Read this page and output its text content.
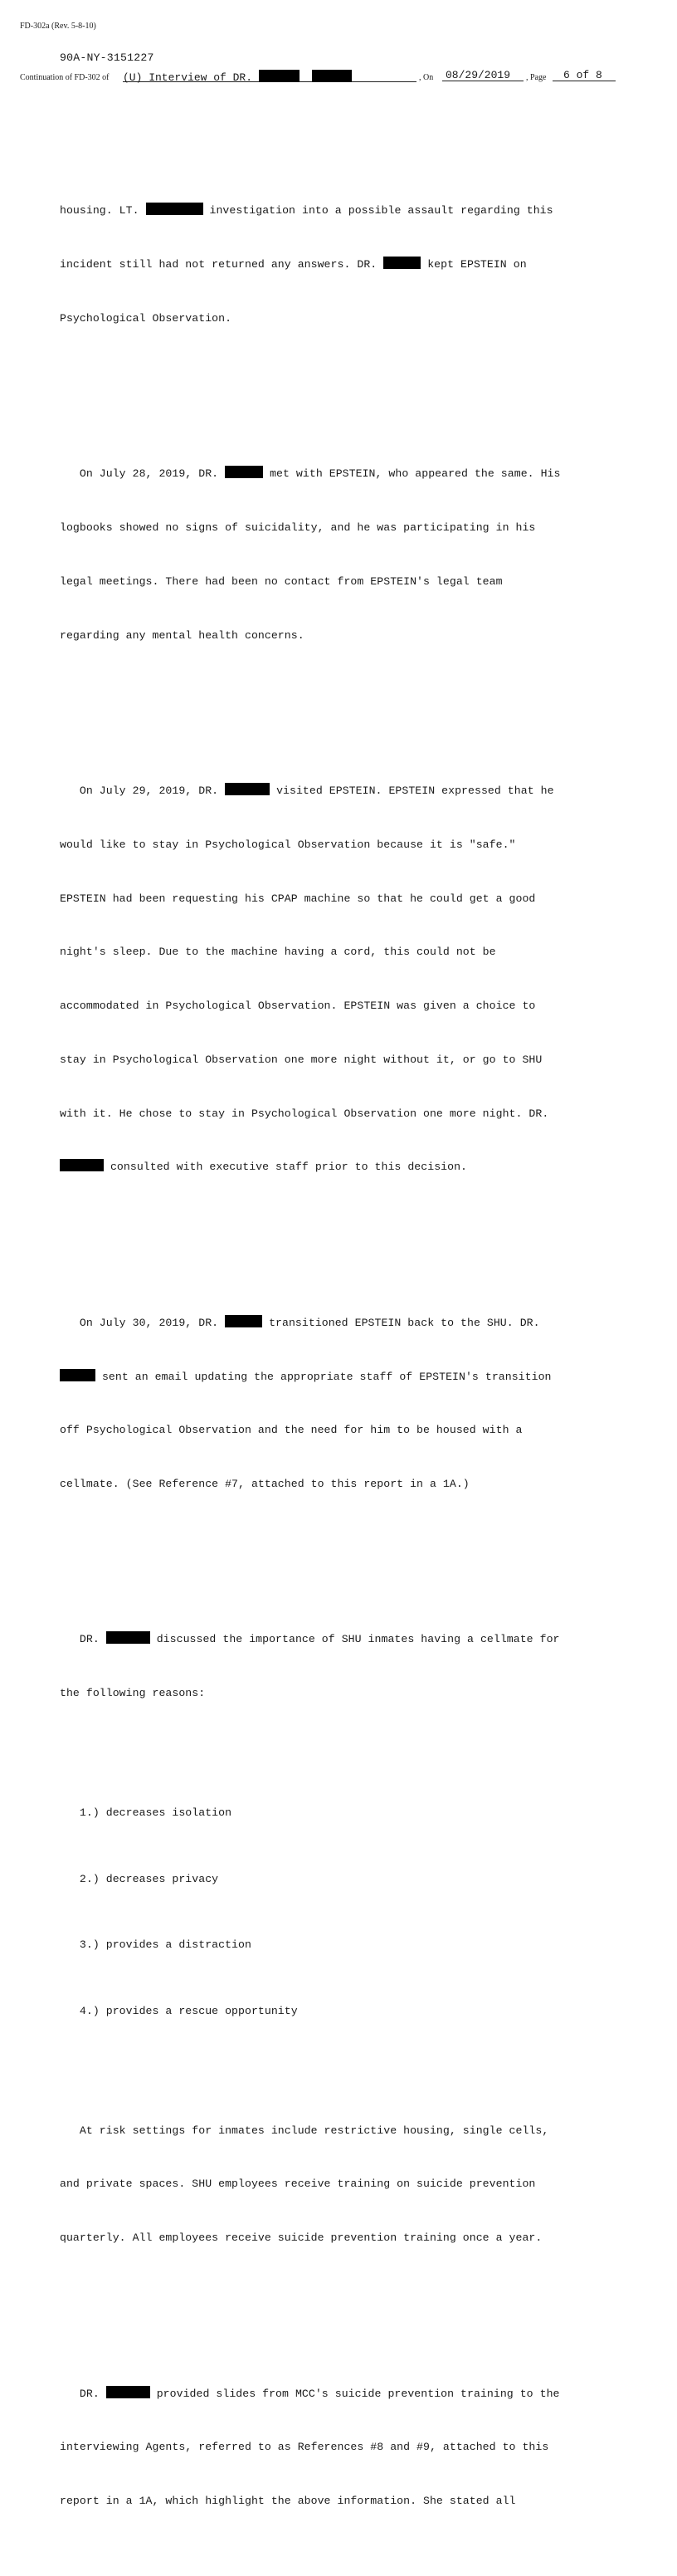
FD-302a (Rev. 5-8-10)
90A-NY-3151227
Continuation of FD-302 of (U) Interview of DR.	, On	08/29/2019	, Page	6 of 8

housing. LT.	investigation into a possible assault regarding this

incident still had not returned any answers. DR.	kept EPSTEIN on

Psychological Observation.

On July 28, 2019, DR.	met with EPSTEIN, who appeared the same. His

logbooks showed no signs of suicidality, and he was participating in his

legal meetings. There had been no contact from EPSTEIN's legal team

regarding any mental health concerns.

On July 29, 2019, DR.	visited EPSTEIN. EPSTEIN expressed that he

would like to stay in Psychological Observation because it is "safe."

EPSTEIN had been requesting his CPAP machine so that he could get a good

night's sleep. Due to the machine having a cord, this could not be

accommodated in Psychological Observation. EPSTEIN was given a choice to

stay in Psychological Observation one more night without it, or go to SHU

with it. He chose to stay in Psychological Observation one more night. DR.

consulted with executive staff prior to this decision.

On July 30, 2019, DR.	transitioned EPSTEIN back to the SHU. DR.

sent an email updating the appropriate staff of EPSTEIN's transition

off Psychological Observation and the need for him to be housed with a

cellmate. (See Reference #7, attached to this report in a 1A.)

DR.	discussed the importance of SHU inmates having a cellmate for

the following reasons:

1.) decreases isolation

2.) decreases privacy

3.) provides a distraction

4.) provides a rescue opportunity

At risk settings for inmates include restrictive housing, single cells,

and private spaces. SHU employees receive training on suicide prevention

quarterly. All employees receive suicide prevention training once a year.

DR.	provided slides from MCC's suicide prevention training to the

interviewing Agents, referred to as References #8 and #9, attached to this

report in a 1A, which highlight the above information. She stated all
